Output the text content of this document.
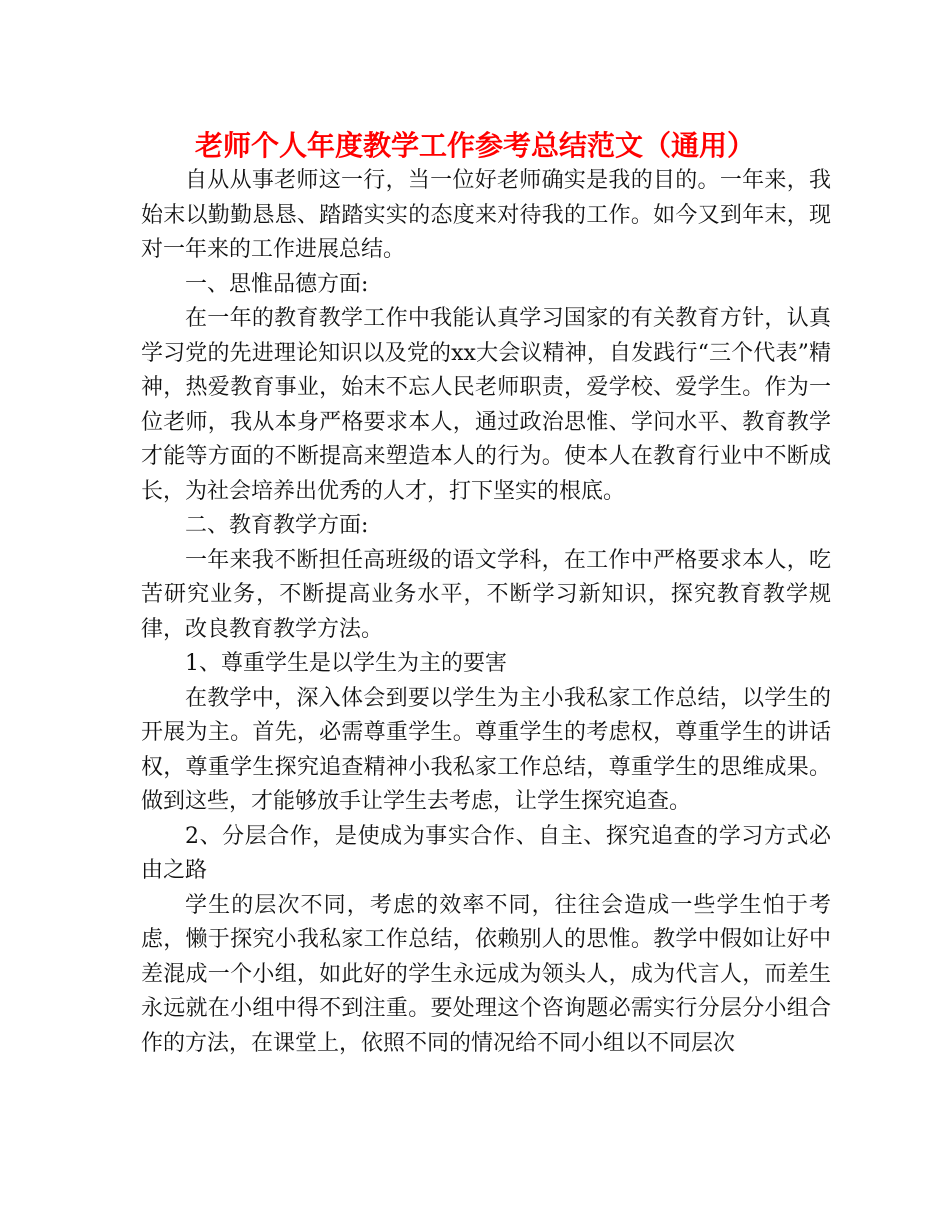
老师个人年度教学工作参考总结范文（通用）

自从从事老师这一行，当一位好老师确实是我的目的。一年来，我始末以勤勤恳恳、踏踏实实的态度来对待我的工作。如今又到年末，现对一年来的工作进展总结。

一、思惟品德方面:

在一年的教育教学工作中我能认真学习国家的有关教育方针，认真学习党的先进理论知识以及党的xx大会议精神，自发践行“三个代表”精神，热爱教育事业，始末不忘人民老师职责，爱学校、爱学生。作为一位老师，我从本身严格要求本人，通过政治思惟、学问水平、教育教学才能等方面的不断提高来塑造本人的行为。使本人在教育行业中不断成长，为社会培养出优秀的人才，打下坚实的根底。

二、教育教学方面:

一年来我不断担任高班级的语文学科，在工作中严格要求本人，吃苦研究业务，不断提高业务水平，不断学习新知识，探究教育教学规律，改良教育教学方法。

1、尊重学生是以学生为主的要害

在教学中，深入体会到要以学生为主小我私家工作总结，以学生的开展为主。首先，必需尊重学生。尊重学生的考虑权，尊重学生的讲话权，尊重学生探究追查精神小我私家工作总结，尊重学生的思维成果。做到这些，才能够放手让学生去考虑，让学生探究追查。

2、分层合作，是使成为事实合作、自主、探究追查的学习方式必由之路

学生的层次不同，考虑的效率不同，往往会造成一些学生怕于考虑，懒于探究小我私家工作总结，依赖别人的思惟。教学中假如让好中差混成一个小组，如此好的学生永远成为领头人，成为代言人，而差生永远就在小组中得不到注重。要处理这个咨询题必需实行分层分小组合作的方法，在课堂上，依照不同的情况给不同小组以不同层次
